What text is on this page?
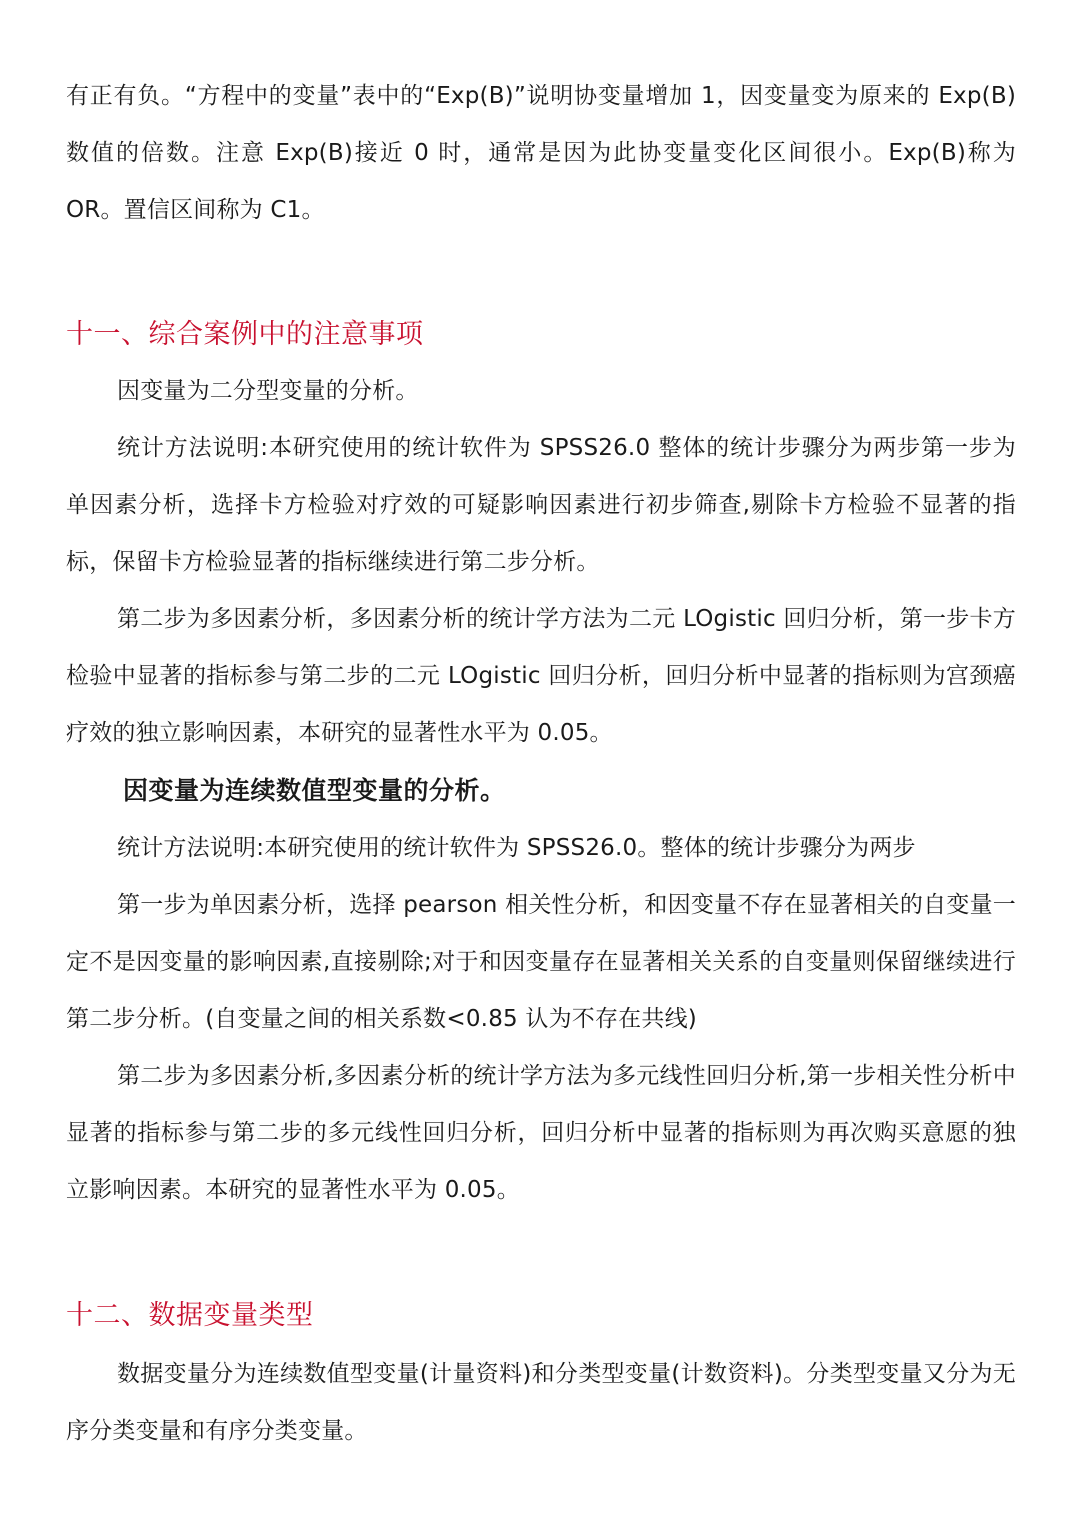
有正有负。“方程中的变量”表中的“Exp(B)”说明协变量增加 1，因变量变为原来的 Exp(B)数值的倍数。注意 Exp(B)接近 0 时，通常是因为此协变量变化区间很小。Exp(B)称为 OR。置信区间称为 C1。

十一、综合案例中的注意事项

因变量为二分型变量的分析。

统计方法说明:本研究使用的统计软件为 SPSS26.0 整体的统计步骤分为两步第一步为单因素分析，选择卡方检验对疗效的可疑影响因素进行初步筛查,剔除卡方检验不显著的指标，保留卡方检验显著的指标继续进行第二步分析。

第二步为多因素分析，多因素分析的统计学方法为二元 LOgistic 回归分析，第一步卡方检验中显著的指标参与第二步的二元 LOgistic 回归分析，回归分析中显著的指标则为宫颈癌疗效的独立影响因素，本研究的显著性水平为 0.05。

因变量为连续数值型变量的分析。

统计方法说明:本研究使用的统计软件为 SPSS26.0。整体的统计步骤分为两步

第一步为单因素分析，选择 pearson 相关性分析，和因变量不存在显著相关的自变量一定不是因变量的影响因素,直接剔除;对于和因变量存在显著相关关系的自变量则保留继续进行第二步分析。(自变量之间的相关系数<0.85 认为不存在共线)

第二步为多因素分析,多因素分析的统计学方法为多元线性回归分析,第一步相关性分析中显著的指标参与第二步的多元线性回归分析，回归分析中显著的指标则为再次购买意愿的独立影响因素。本研究的显著性水平为 0.05。

十二、数据变量类型

数据变量分为连续数值型变量(计量资料)和分类型变量(计数资料)。分类型变量又分为无序分类变量和有序分类变量。
